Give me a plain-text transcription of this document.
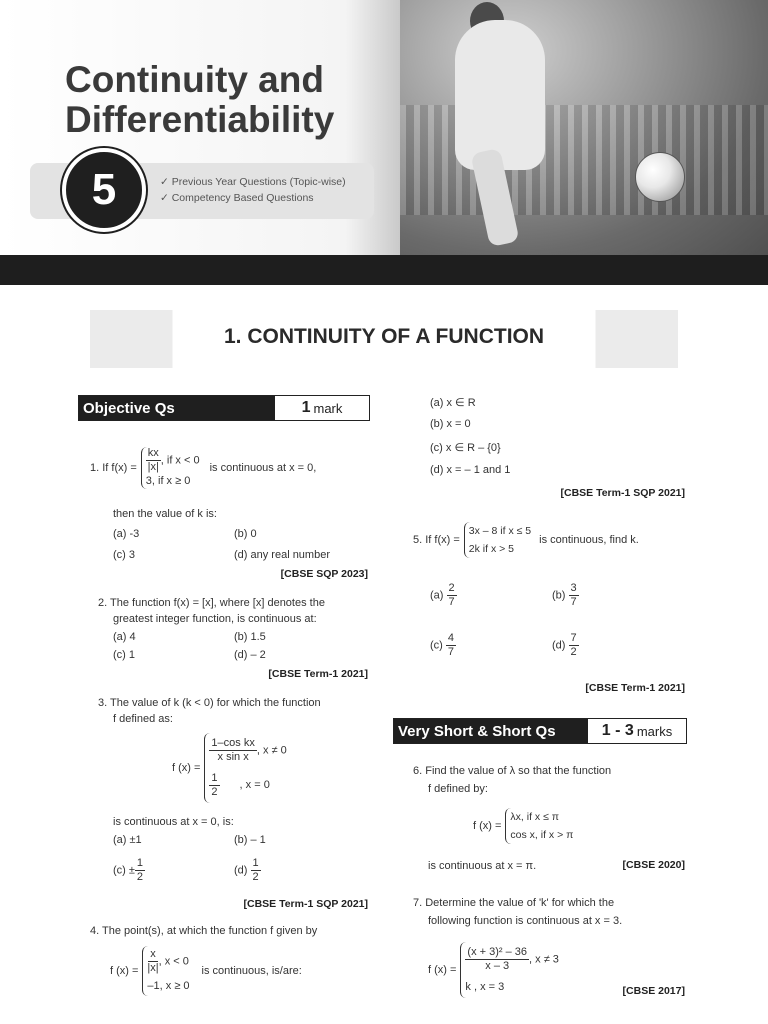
Continuity and
Differentiability
5	✓ Previous Year Questions (Topic-wise)
✓ Competency Based Questions
1. CONTINUITY OF A FUNCTION
Objective Qs	1 mark
1. If $f(x) = \frac{kx}{|x|}$ , if x < 0
3, if x ≥ 0
is continuous at x = 0,
then the value of k is:
(a) -3	(b) 0
(c) 3	(d) any real number
[CBSE SQP 2023]
2. The function f(x) = [x], where [x] denotes the
greatest integer function, is continuous at:
(a) 4	(b) 1.5
(c) 1	(d) – 2
[CBSE Term-1 2021]
3. The value of k (k < 0) for which the function
f defined as:
f (x) =
$\frac{\text{1–cos kx}}{\text{x sin x}}$ , x ≠ 0
$\frac{1}{2}$ , x = 0
is continuous at x = 0, is:
(a) ±1	(b) – 1
$(c) \pm \frac{1}{2}$	$(d) \frac{1}{2}$
[CBSE Term-1 SQP 2021]
4. The point(s), at which the function f given by
f $(x) = \frac{x}{|x|}$ , x < 0
–1, x ≥ 0
is continuous, is/are:
(a) x ∈ R
(b) x = 0
(c) x ∈ R – {0}
(d) x = – 1 and 1
[CBSE Term-1 SQP 2021]
5. If f(x) =
3x – 8 if x ≤ 5
2k if x > 5
is continuous, find k.
$(a) \frac{2}{7}$	$(b) \frac{3}{7}$
$(c) \frac{4}{7}$	$(d) \frac{7}{2}$
[CBSE Term-1 2021]
Very Short & Short Qs	1 - 3 marks
6. Find the value of λ so that the function
f defined by:
f (x) =
λx, if x ≤ π
cos x, if x > π
is continuous at x = π.	[CBSE 2020]
7. Determine the value of 'k' for which the
following function is continuous at x = 3.
f $(x) = \frac{\text{(x + 3)² – 36}}{x - 3}$ , x ≠ 3
k , x = 3	[CBSE 2017]
